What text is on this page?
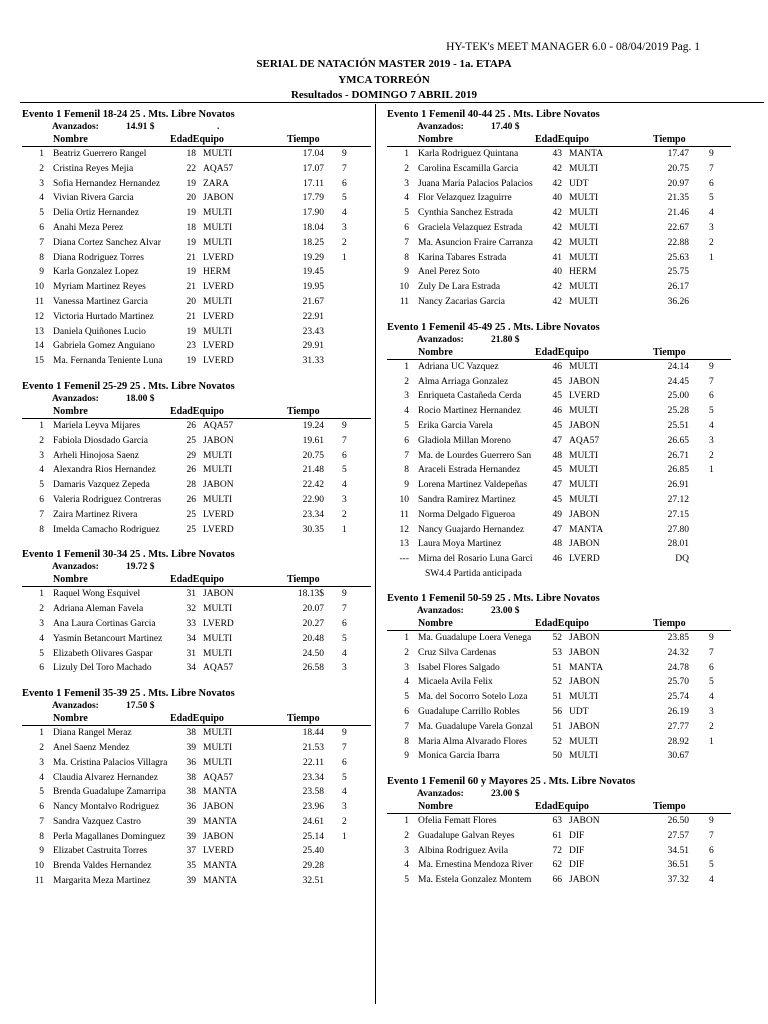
HY-TEK's MEET MANAGER 6.0 - 08/04/2019 Pag. 1
SERIAL DE NATACIÓN MASTER 2019 - 1a. ETAPA
YMCA TORREÓN
Resultados - DOMINGO 7 ABRIL 2019
Evento 1 Femenil 18-24 25 . Mts. Libre Novatos
Avanzados:	14.91 $	.
Nombre	EdadEquipo	Tiempo
1 Beatriz Guerrero Rangel	18 MULTI	17.04 9
2 Cristina Reyes Mejia	22 AQA57	17.07 7
3 Sofia Hernandez Hernandez	19 ZARA	17.11 6
4 Vivian Rivera Garcia	20 JABON	17.79 5
5 Delia Ortiz Hernandez	19 MULTI	17.90 4
6 Anahi Meza Perez	18 MULTI	18.04 3
7 Diana Cortez Sanchez Alvar	19 MULTI	18.25 2
8 Diana Rodriguez Torres	21 LVERD	19.29 1
9 Karla Gonzalez Lopez	19 HERM	19.45
10 Myriam Martinez Reyes	21 LVERD	19.95
11 Vanessa Martinez Garcia	20 MULTI	21.67
12 Victoria Hurtado Martinez	21 LVERD	22.91
13 Daniela Quiñones Lucio	19 MULTI	23.43
14 Gabriela Gomez Anguiano	23 LVERD	29.91
15 Ma. Fernanda Teniente Luna	19 LVERD	31.33
Evento 1 Femenil 25-29 25 . Mts. Libre Novatos
Avanzados:	18.00 $
Nombre	EdadEquipo	Tiempo
1 Mariela Leyva Mijares	26 AQA57	19.24 9
2 Fabiola Diosdado Garcia	25 JABON	19.61 7
3 Arheli Hinojosa Saenz	29 MULTI	20.75 6
4 Alexandra Rios Hernandez	26 MULTI	21.48 5
5 Damaris Vazquez Zepeda	28 JABON	22.42 4
6 Valeria Rodriguez Contreras	26 MULTI	22.90 3
7 Zaira Martinez Rivera	25 LVERD	23.34 2
8 Imelda Camacho Rodriguez	25 LVERD	30.35 1
Evento 1 Femenil 30-34 25 . Mts. Libre Novatos
Avanzados:	19.72 $
Nombre	EdadEquipo	Tiempo
1 Raquel Wong Esquivel	31 JABON	18.13$ 9
2 Adriana Aleman Favela	32 MULTI	20.07 7
3 Ana Laura Cortinas Garcia	33 LVERD	20.27 6
4 Yasmin Betancourt Martinez	34 MULTI	20.48 5
5 Elizabeth Olivares Gaspar	31 MULTI	24.50 4
6 Lizuly Del Toro Machado	34 AQA57	26.58 3
Evento 1 Femenil 35-39 25 . Mts. Libre Novatos
Avanzados:	17.50 $
Nombre	EdadEquipo	Tiempo
1 Diana Rangel Meraz	38 MULTI	18.44 9
2 Anel Saenz Mendez	39 MULTI	21.53 7
3 Ma. Cristina Palacios Villagra	36 MULTI	22.11 6
4 Claudia Alvarez Hernandez	38 AQA57	23.34 5
5 Brenda Guadalupe Zamarripa	38 MANTA	23.58 4
6 Nancy Montalvo Rodriguez	36 JABON	23.96 3
7 Sandra Vazquez Castro	39 MANTA	24.61 2
8 Perla Magallanes Dominguez	39 JABON	25.14 1
9 Elizabet Castruita Torres	37 LVERD	25.40
10 Brenda Valdes Hernandez	35 MANTA	29.28
11 Margarita Meza Martinez	39 MANTA	32.51
Evento 1 Femenil 40-44 25 . Mts. Libre Novatos
Avanzados:	17.40 $
Nombre	EdadEquipo	Tiempo
1 Karla Rodriguez Quintana	43 MANTA	17.47 9
2 Carolina Escamilla Garcia	42 MULTI	20.75 7
3 Juana Maria Palacios Palacios	42 UDT	20.97 6
4 Flor Velazquez Izaguirre	40 MULTI	21.35 5
5 Cynthia Sanchez Estrada	42 MULTI	21.46 4
6 Graciela Velazquez Estrada	42 MULTI	22.67 3
7 Ma. Asuncion Fraire Carranza	42 MULTI	22.88 2
8 Karina Tabares Estrada	41 MULTI	25.63 1
9 Anel Perez Soto	40 HERM	25.75
10 Zuly De Lara Estrada	42 MULTI	26.17
11 Nancy Zacarias Garcia	42 MULTI	36.26
Evento 1 Femenil 45-49 25 . Mts. Libre Novatos
Avanzados:	21.80 $
Nombre	EdadEquipo	Tiempo
1 Adriana UC Vazquez	46 MULTI	24.14 9
2 Alma Arriaga Gonzalez	45 JABON	24.45 7
3 Enriqueta Castañeda Cerda	45 LVERD	25.00 6
4 Rocio Martinez Hernandez	46 MULTI	25.28 5
5 Erika Garcia Varela	45 JABON	25.51 4
6 Gladiola Millan Moreno	47 AQA57	26.65 3
7 Ma. de Lourdes Guerrero San	48 MULTI	26.71 2
8 Araceli Estrada Hernandez	45 MULTI	26.85 1
9 Lorena Martinez Valdepeñas	47 MULTI	26.91
10 Sandra Ramirez Martinez	45 MULTI	27.12
11 Norma Delgado Figueroa	49 JABON	27.15
12 Nancy Guajardo Hernandez	47 MANTA	27.80
13 Laura Moya Martinez	48 JABON	28.01
--- Mirna del Rosario Luna Garci	46 LVERD	DQ
SW4.4 Partida anticipada
Evento 1 Femenil 50-59 25 . Mts. Libre Novatos
Avanzados:	23.00 $
Nombre	EdadEquipo	Tiempo
1 Ma. Guadalupe Loera Venega	52 JABON	23.85 9
2 Cruz Silva Cardenas	53 JABON	24.32 7
3 Isabel Flores Salgado	51 MANTA	24.78 6
4 Micaela Avila Felix	52 JABON	25.70 5
5 Ma. del Socorro Sotelo Loza	51 MULTI	25.74 4
6 Guadalupe Carrillo Robles	56 UDT	26.19 3
7 Ma. Guadalupe Varela Gonzal	51 JABON	27.77 2
8 Maria Alma Alvarado Flores	52 MULTI	28.92 1
9 Monica Garcia Ibarra	50 MULTI	30.67
Evento 1 Femenil 60 y Mayores 25 . Mts. Libre Novatos
Avanzados:	23.00 $
Nombre	EdadEquipo	Tiempo
1 Ofelia Fematt Flores	63 JABON	26.50 9
2 Guadalupe Galvan Reyes	61 DIF	27.57 7
3 Albina Rodriguez Avila	72 DIF	34.51 6
4 Ma. Ernestina Mendoza River	62 DIF	36.51 5
5 Ma. Estela Gonzalez Montem	66 JABON	37.32 4
